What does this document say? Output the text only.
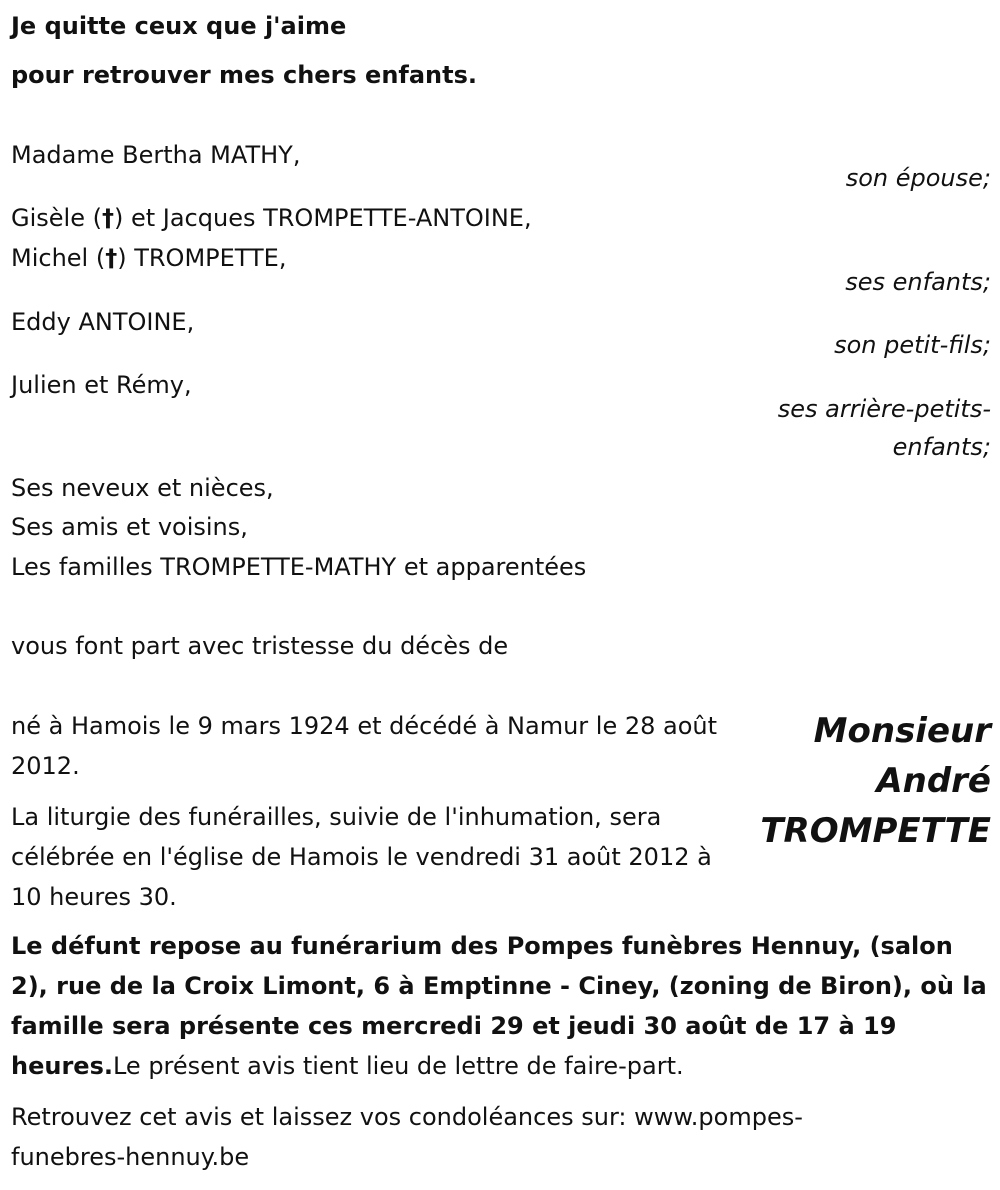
Je quitte ceux que j'aime
pour retrouver mes chers enfants.
Madame Bertha MATHY,
son épouse;
Gisèle (†) et Jacques TROMPETTE-ANTOINE,
Michel (†) TROMPETTE,
ses enfants;
Eddy ANTOINE,
son petit-fils;
Julien et Rémy,
ses arrière-petits-
enfants;
Ses neveux et nièces,
Ses amis et voisins,
Les familles TROMPETTE-MATHY et apparentées
vous font part avec tristesse du décès de
Monsieur
André
TROMPETTE
né à Hamois le 9 mars 1924 et décédé à Namur le 28 août 2012.
La liturgie des funérailles, suivie de l'inhumation, sera célébrée en l'église de Hamois le vendredi 31 août 2012 à 10 heures 30.
Le défunt repose au funérarium des Pompes funèbres Hennuy, (salon 2), rue de la Croix Limont, 6 à Emptinne - Ciney, (zoning de Biron), où la famille sera présente ces mercredi 29 et jeudi 30 août de 17 à 19 heures.Le présent avis tient lieu de lettre de faire-part.
Retrouvez cet avis et laissez vos condoléances sur: www.pompes-funebres-hennuy.be
